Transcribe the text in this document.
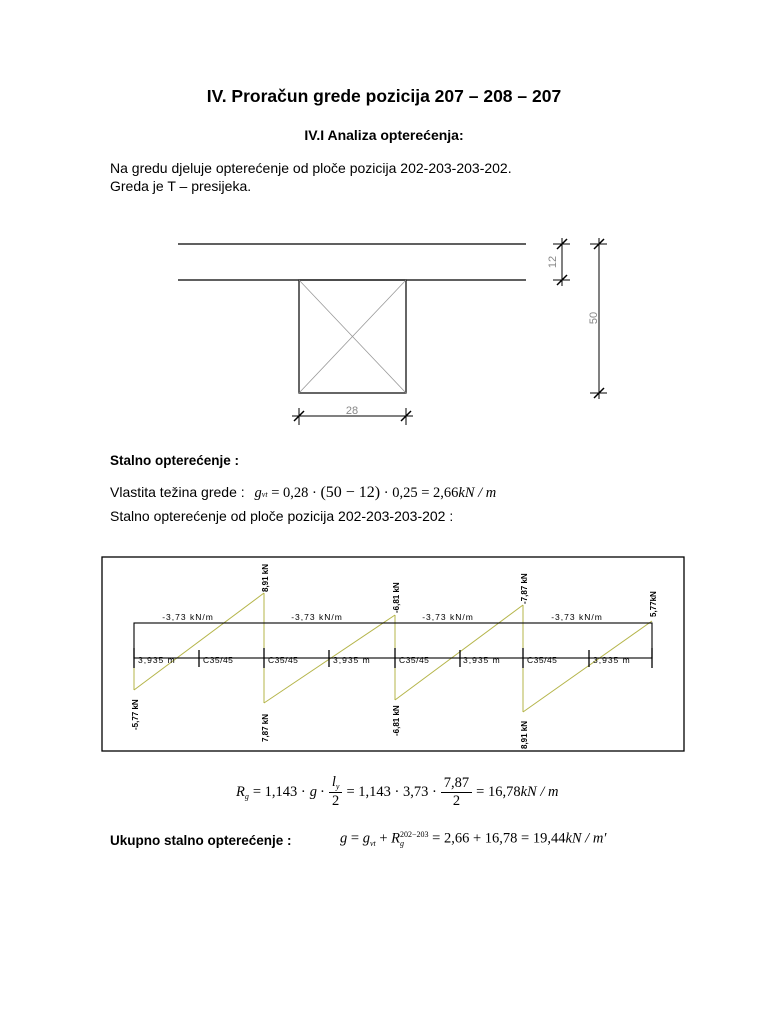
IV. Proračun grede pozicija 207 – 208 – 207
IV.I Analiza opterećenja:
Na gredu djeluje opterećenje od ploče pozicija 202-203-203-202.
Greda je T – presijeka.
12
50
28
Stalno opterećenje :
Vlastita težina grede : gvt = 0,28 · (50 − 12) · 0,25 = 2,66kN / m
Stalno opterećenje od ploče pozicija 202-203-203-202 :
-3,73 kN/m	-3,73 kN/m	-3,73 kN/m	-3,73 kN/m
3,935 m	3,935 m	3,935 m	3,935 m
C35/45	C35/45	C35/45	C35/45
8,91 kN
-6,81 kN	-7,87 kN
5,77kN
-5,77 kN	7,87 kN	-6,81 kN	8,91 kN
R $g = 1,143 \cdot g \cdot \frac{l_y}{2} = 1,143 \cdot 3,73 \cdot \frac{7,87}{2} = 16,78$ kN / m
Ukupno stalno opterećenje :	$g = g_{vt} + R$ 202−203
g	= 2,66 + 16,78 = 19,44kN / m′
